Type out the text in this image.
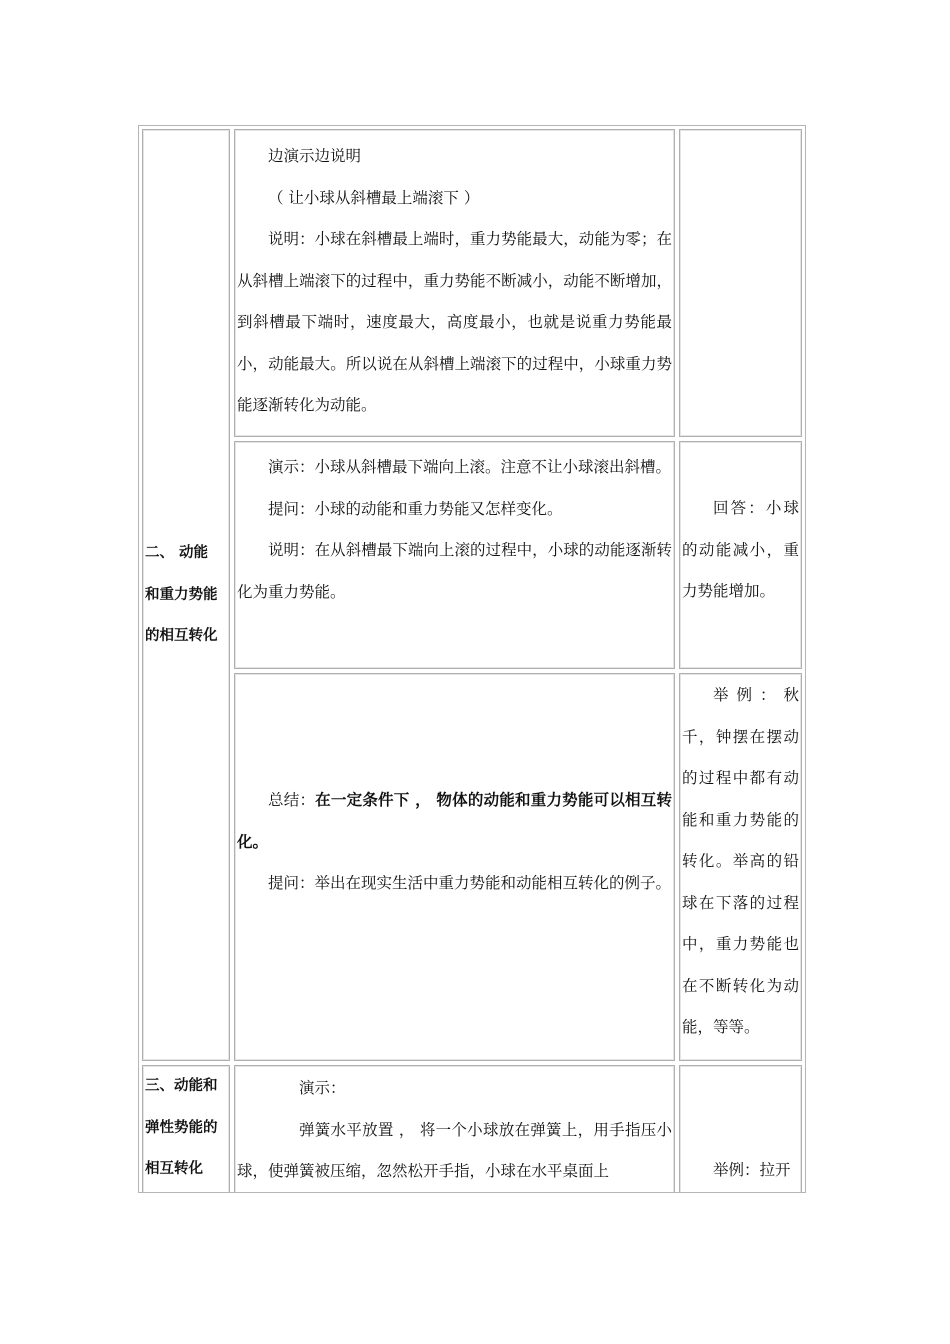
二、 动能

和重力势能

的相互转化

边演示边说明

（ 让小球从斜槽最上端滚下 ）

说明：小球在斜槽最上端时，重力势能最大，动能为零；在从斜槽上端滚下的过程中，重力势能不断减小，动能不断增加，到斜槽最下端时，速度最大，高度最小，也就是说重力势能最小，动能最大。所以说在从斜槽上端滚下的过程中，小球重力势能逐渐转化为动能。

演示：小球从斜槽最下端向上滚。注意不让小球滚出斜槽。

提问：小球的动能和重力势能又怎样变化。

说明：在从斜槽最下端向上滚的过程中，小球的动能逐渐转化为重力势能。

回答：小球的动能减小，重力势能增加。

总结：在一定条件下 ， 物体的动能和重力势能可以相互转化。

提问：举出在现实生活中重力势能和动能相互转化的例子。

举例：秋千，钟摆在摆动的过程中都有动能和重力势能的转化。举高的铅球在下落的过程中，重力势能也在不断转化为动能，等等。

三、动能和

弹性势能的

相互转化

演示：

弹簧水平放置 ， 将一个小球放在弹簧上，用手指压小球，使弹簧被压缩，忽然松开手指，小球在水平桌面上	举例：拉开
